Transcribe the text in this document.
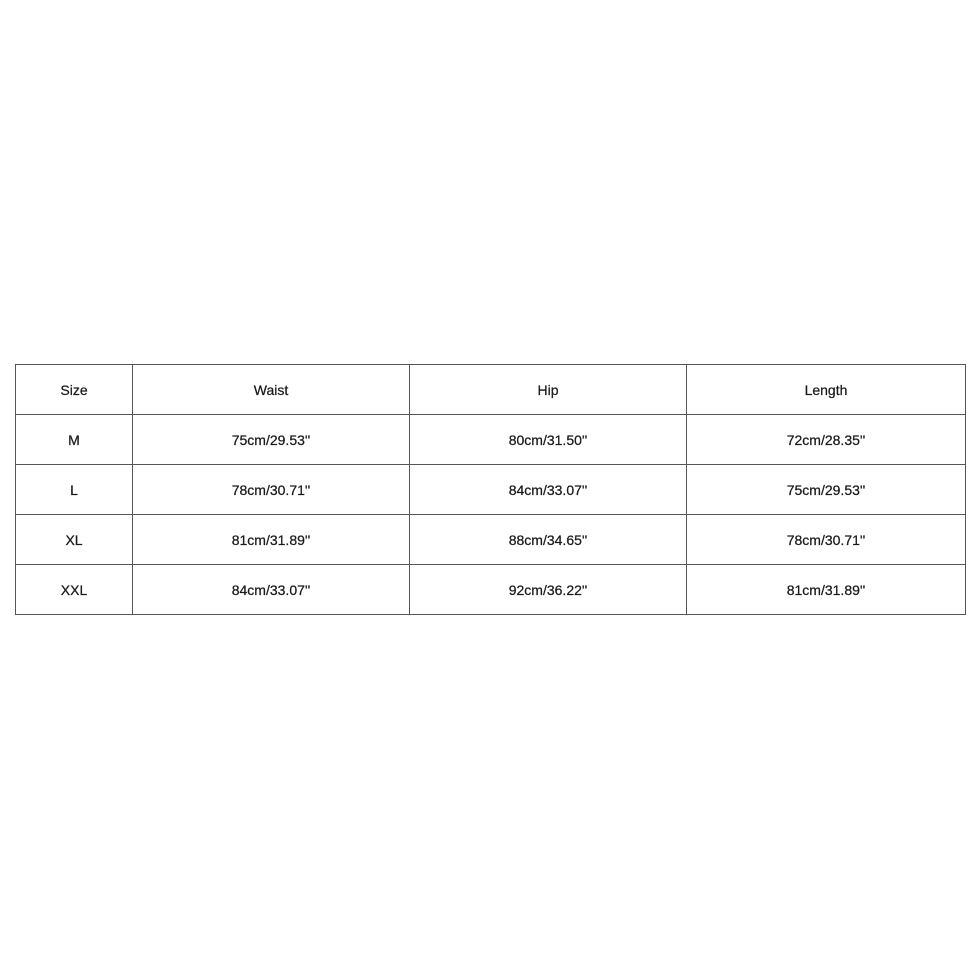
Size	Waist	Hip	Length
M	75cm/29.53''	80cm/31.50''	72cm/28.35''
L	78cm/30.71''	84cm/33.07''	75cm/29.53''
XL	81cm/31.89''	88cm/34.65''	78cm/30.71''
XXL	84cm/33.07''	92cm/36.22''	81cm/31.89''
